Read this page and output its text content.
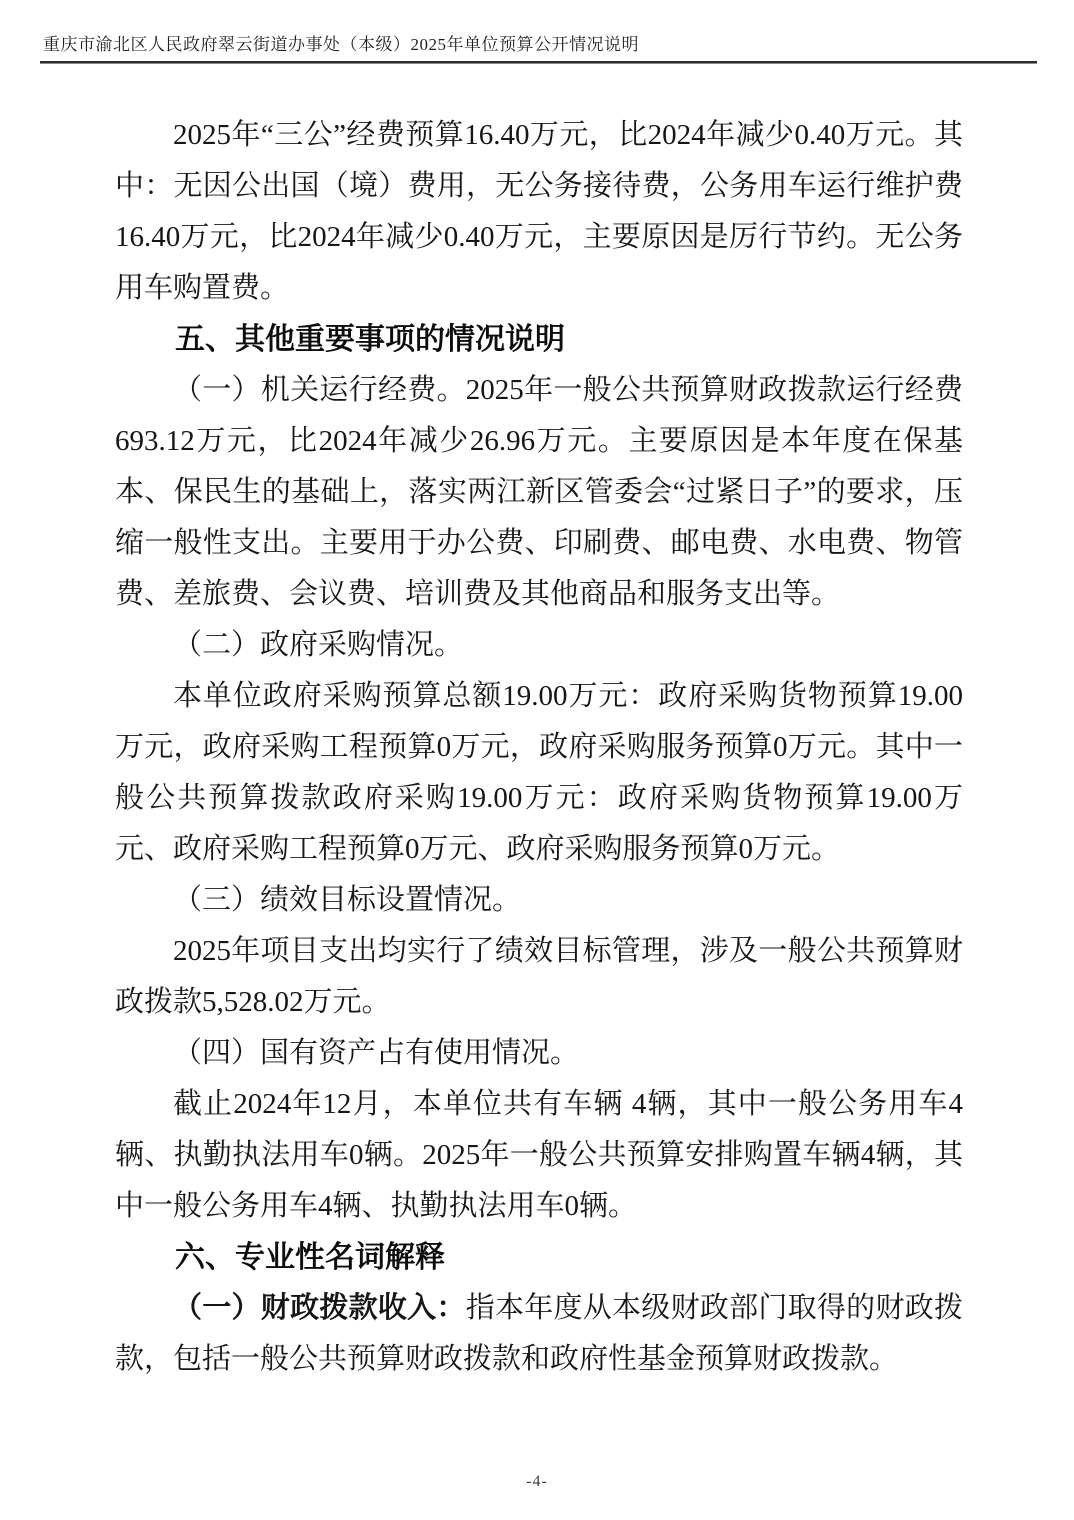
重庆市渝北区人民政府翠云街道办事处（本级）2025年单位预算公开情况说明

2025年“三公”经费预算16.40万元，比2024年减少0.40万元。其中：无因公出国（境）费用，无公务接待费，公务用车运行维护费16.40万元，比2024年减少0.40万元，主要原因是厉行节约。无公务用车购置费。

五、其他重要事项的情况说明

（一）机关运行经费。2025年一般公共预算财政拨款运行经费693.12万元，比2024年减少26.96万元。主要原因是本年度在保基本、保民生的基础上，落实两江新区管委会“过紧日子”的要求，压缩一般性支出。主要用于办公费、印刷费、邮电费、水电费、物管费、差旅费、会议费、培训费及其他商品和服务支出等。

（二）政府采购情况。

本单位政府采购预算总额19.00万元：政府采购货物预算19.00万元，政府采购工程预算0万元，政府采购服务预算0万元。其中一般公共预算拨款政府采购19.00万元：政府采购货物预算19.00万元、政府采购工程预算0万元、政府采购服务预算0万元。

（三）绩效目标设置情况。

2025年项目支出均实行了绩效目标管理，涉及一般公共预算财政拨款5,528.02万元。

（四）国有资产占有使用情况。

截止2024年12月，本单位共有车辆 4辆，其中一般公务用车4辆、执勤执法用车0辆。2025年一般公共预算安排购置车辆4辆，其中一般公务用车4辆、执勤执法用车0辆。

六、专业性名词解释

（一）财政拨款收入：指本年度从本级财政部门取得的财政拨款，包括一般公共预算财政拨款和政府性基金预算财政拨款。

-4-
